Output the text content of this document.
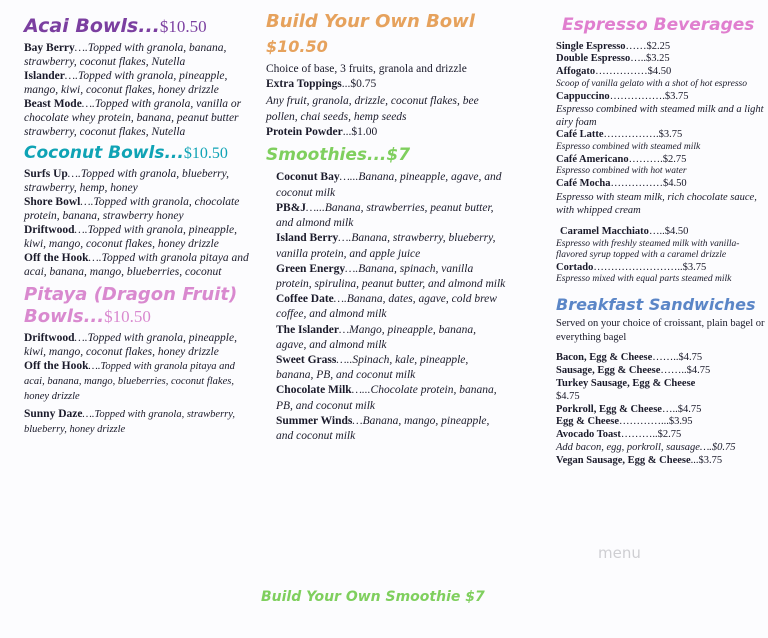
Acai Bowls...$10.50

Bay Berry….Topped with granola, banana, strawberry, coconut flakes, Nutella

Islander….Topped with granola, pineapple, mango, kiwi, coconut flakes, honey drizzle

Beast Mode….Topped with granola, vanilla or chocolate whey protein, banana, peanut butter strawberry, coconut flakes, Nutella

Coconut Bowls...$10.50

Surfs Up….Topped with granola, blueberry, strawberry, hemp, honey

Shore Bowl….Topped with granola, chocolate protein, banana, strawberry honey

Driftwood….Topped with granola, pineapple, kiwi, mango, coconut flakes, honey drizzle

Off the Hook….Topped with granola pitaya and acai, banana, mango, blueberries, coconut

Pitaya (Dragon Fruit)

Bowls...$10.50

Driftwood….Topped with granola, pineapple, kiwi, mango, coconut flakes, honey drizzle

Off the Hook….Topped with granola pitaya and acai, banana, mango, blueberries, coconut flakes, honey drizzle

Sunny Daze….Topped with granola, strawberry, blueberry, honey drizzle

Build Your Own Bowl

$10.50

Choice of base, 3 fruits, granola and drizzle

Extra Toppings...$0.75

Any fruit, granola, drizzle, coconut flakes, bee pollen, chai seeds, hemp seeds

Protein Powder...$1.00

Smoothies...$7

Coconut Bay…...Banana, pineapple, agave, and coconut milk

PB&J…...Banana, strawberries, peanut butter, and almond milk

Island Berry….Banana, strawberry, blueberry, vanilla protein, and apple juice

Green Energy….Banana, spinach, vanilla protein, spirulina, peanut butter, and almond milk

Coffee Date….Banana, dates, agave, cold brew coffee, and almond milk

The Islander…Mango, pineapple, banana, agave, and almond milk

Sweet Grass…..Spinach, kale, pineapple, banana, PB, and coconut milk

Chocolate Milk…...Chocolate protein, banana, PB, and coconut milk

Summer Winds…Banana, mango, pineapple, and coconut milk

Build Your Own Smoothie $7

Espresso Beverages

Single Espresso……$2.25

Double Espresso…..$3.25

Affogato……………$4.50

Scoop of vanilla gelato with a shot of hot espresso

Cappuccino…………….$3.75

Espresso combined with steamed milk and a light airy foam

Café Latte…………….$3.75

Espresso combined with steamed milk

Café Americano……….$2.75

Espresso combined with hot water

Café Mocha……………$4.50

Espresso with steam milk, rich chocolate sauce, with whipped cream

Caramel Macchiato…..$4.50

Espresso with freshly steamed milk with vanilla-flavored syrup topped with a caramel drizzle

Cortado……………………..$3.75

Espresso mixed with equal parts steamed milk

Breakfast Sandwiches

Served on your choice of croissant, plain bagel or everything bagel

Bacon, Egg & Cheese……..$4.75

Sausage, Egg & Cheese……..$4.75

Turkey Sausage, Egg & Cheese
$4.75

Porkroll, Egg & Cheese…..$4.75

Egg & Cheese…………...$3.95

Avocado Toast………..$2.75

Add bacon, egg, porkroll, sausage….$0.75

Vegan Sausage, Egg & Cheese...$3.75

menu
